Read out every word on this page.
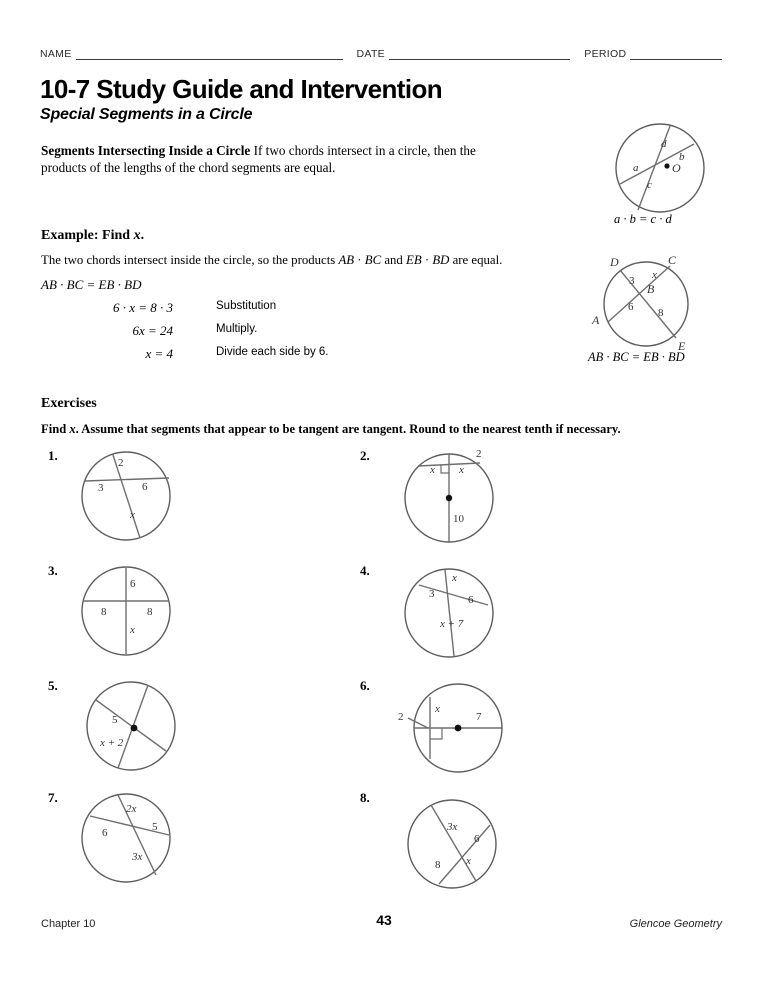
NAME	DATE	PERIOD
10-7 Study Guide and Intervention
Special Segments in a Circle
Segments Intersecting Inside a Circle If two chords intersect in a circle, then the products of the lengths of the chord segments are equal.
d
b
a
c
O
a · b = c · d
Example: Find x.
The two chords intersect inside the circle, so the products AB · BC and EB · BD are equal.
AB · BC = EB · BD
6 · x = 8 · 3	Substitution
6x = 24	Multiply.
x = 4	Divide each side by 6.
D	C
A
B
E
3 x
6 8
AB · BC = EB · BD
Exercises
Find x. Assume that segments that appear to be tangent are tangent. Round to the nearest tenth if necessary.
1.	2
3	6
x
2.	2
x x
10
3.
6
8	8
x
4.	x
3	6
x + 7
5.
5
x + 2
6.
2
x
7
7.
2x
6	5
3x
8.
3x
6
8 x
Chapter 10	43	Glencoe Geometry
